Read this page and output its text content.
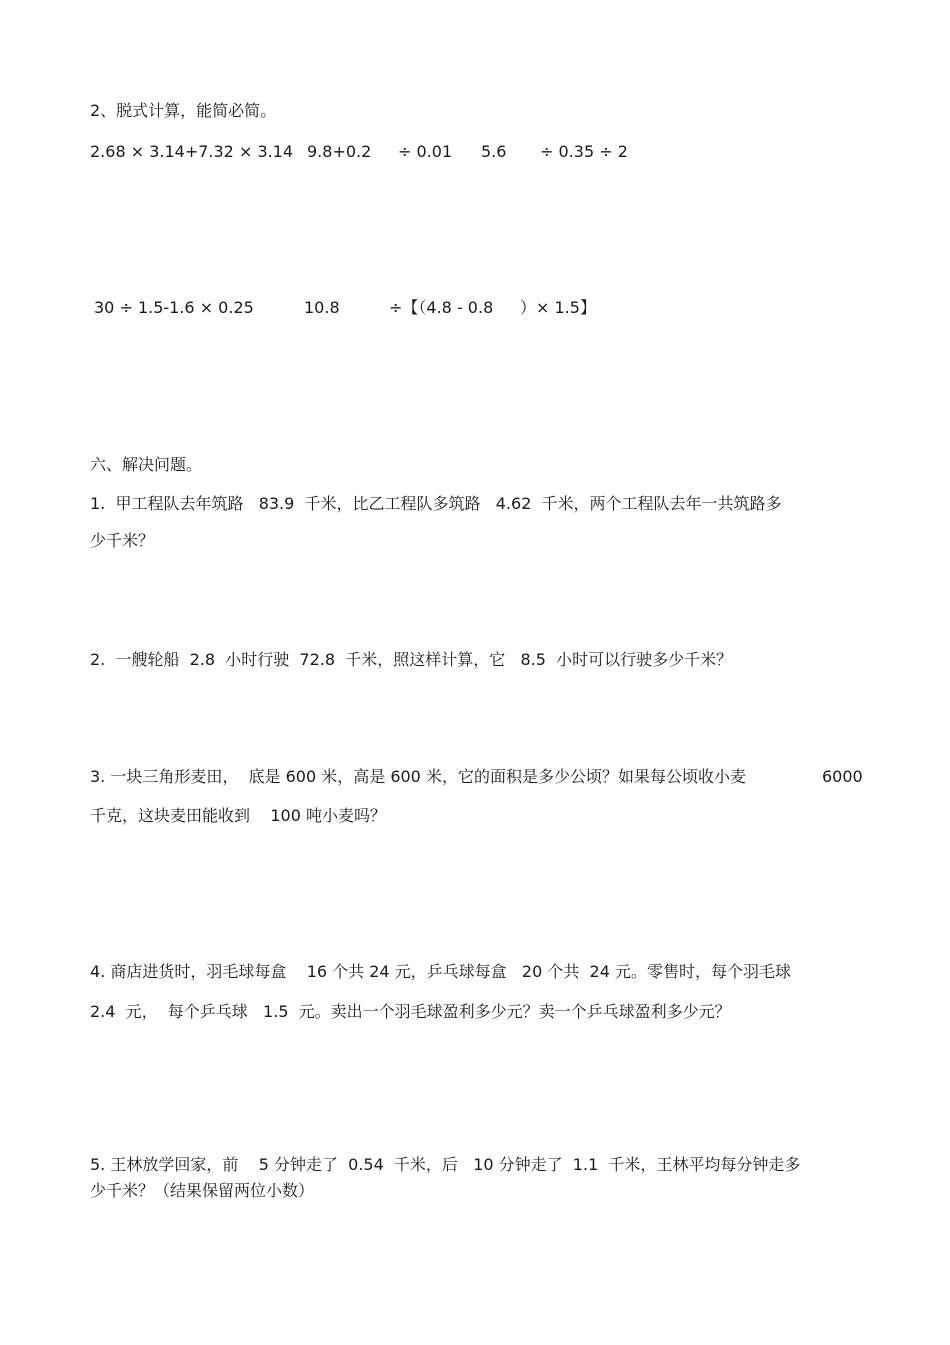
2、脱式计算，能简必简。
2.68 × 3.14+7.32 × 3.14 9.8+0.2 ÷ 0.01 5.6 ÷ 0.35 ÷ 2
30 ÷ 1.5-1.6 × 0.25	10.8	÷【（4.8 - 0.8 ）× 1.5】
六、解决问题。
1.  甲工程队去年筑路   83.9  千米，比乙工程队多筑路   4.62  千米，两个工程队去年一共筑路多
少千米？
2.  一艘轮船  2.8  小时行驶  72.8  千米，照这样计算，它   8.5  小时可以行驶多少千米？
3. 一块三角形麦田，  底是 600 米，高是 600 米，它的面积是多少公顷？如果每公顷收小麦	6000
千克，这块麦田能收到    100 吨小麦吗？
4. 商店进货时，羽毛球每盒    16 个共 24 元，乒乓球每盒   20 个共  24 元。零售时，每个羽毛球
2.4  元，  每个乒乓球   1.5  元。卖出一个羽毛球盈利多少元？卖一个乒乓球盈利多少元？
5. 王林放学回家，前    5 分钟走了  0.54  千米，后   10 分钟走了  1.1  千米，王林平均每分钟走多
少千米？（结果保留两位小数）
